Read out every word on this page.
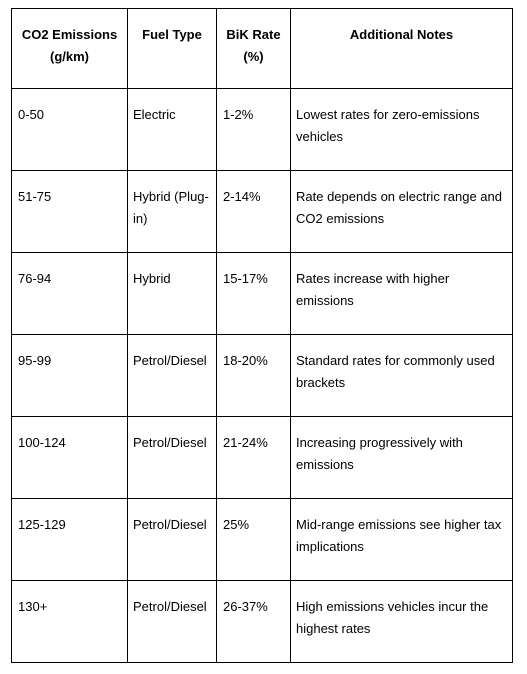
CO2 Emissions (g/km)	Fuel Type	BiK Rate (%)	Additional Notes

0-50	Electric	1-2%	Lowest rates for zero-emissions vehicles

51-75	Hybrid (Plug-in)	2-14%	Rate depends on electric range and CO2 emissions

76-94	Hybrid	15-17%	Rates increase with higher emissions

95-99	Petrol/Diesel	18-20%	Standard rates for commonly used brackets

100-124	Petrol/Diesel	21-24%	Increasing progressively with emissions

125-129	Petrol/Diesel	25%	Mid-range emissions see higher tax implications

130+	Petrol/Diesel	26-37%	High emissions vehicles incur the highest rates
